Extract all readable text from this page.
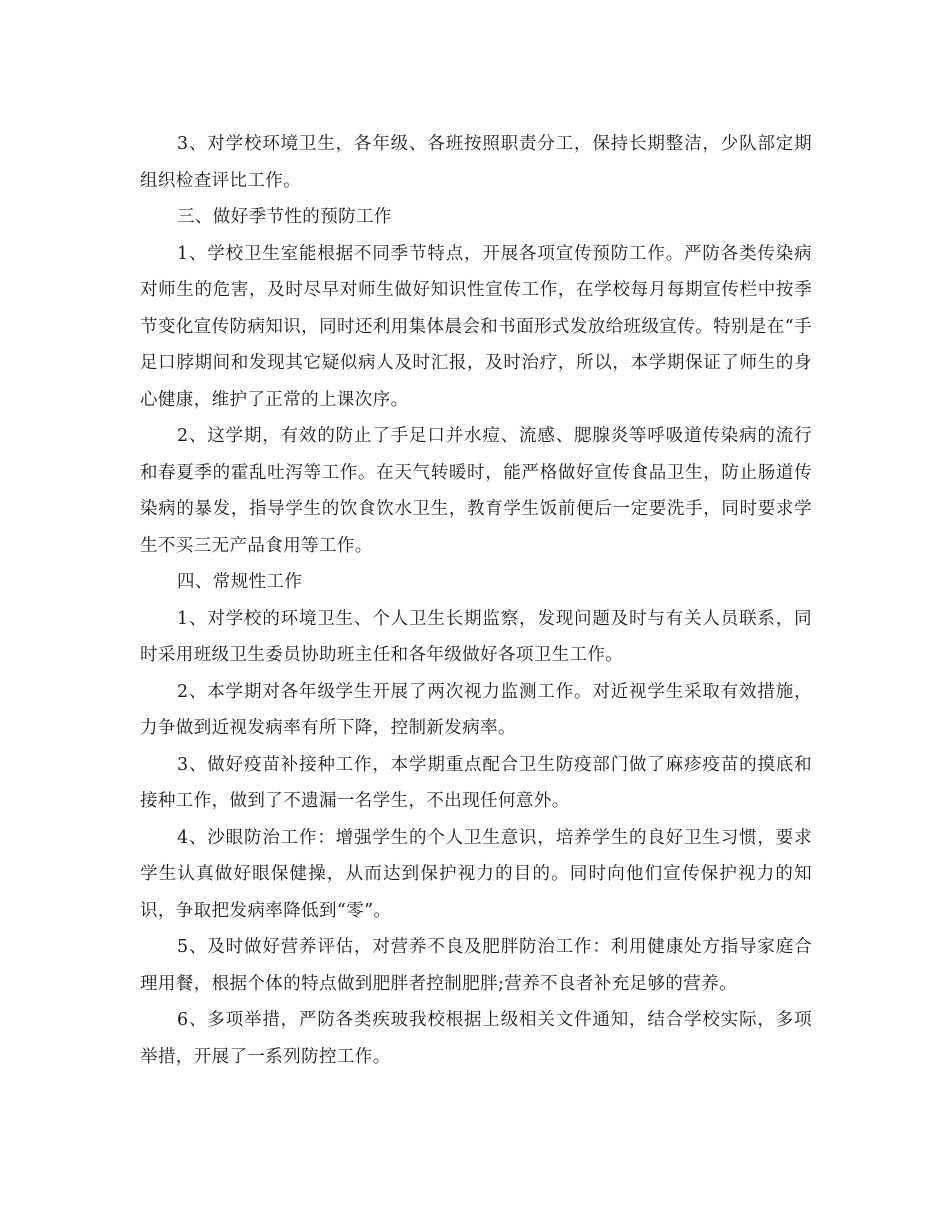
3、对学校环境卫生，各年级、各班按照职责分工，保持长期整洁，少队部定期组织检查评比工作。

三、做好季节性的预防工作

1、学校卫生室能根据不同季节特点，开展各项宣传预防工作。严防各类传染病对师生的危害，及时尽早对师生做好知识性宣传工作，在学校每月每期宣传栏中按季节变化宣传防病知识，同时还利用集体晨会和书面形式发放给班级宣传。特别是在“手足口脖期间和发现其它疑似病人及时汇报，及时治疗，所以，本学期保证了师生的身心健康，维护了正常的上课次序。

2、这学期，有效的防止了手足口并水痘、流感、腮腺炎等呼吸道传染病的流行和春夏季的霍乱吐泻等工作。在天气转暖时，能严格做好宣传食品卫生，防止肠道传染病的暴发，指导学生的饮食饮水卫生，教育学生饭前便后一定要洗手，同时要求学生不买三无产品食用等工作。

四、常规性工作

1、对学校的环境卫生、个人卫生长期监察，发现问题及时与有关人员联系，同时采用班级卫生委员协助班主任和各年级做好各项卫生工作。

2、本学期对各年级学生开展了两次视力监测工作。对近视学生采取有效措施，力争做到近视发病率有所下降，控制新发病率。

3、做好疫苗补接种工作，本学期重点配合卫生防疫部门做了麻疹疫苗的摸底和接种工作，做到了不遗漏一名学生，不出现任何意外。

4、沙眼防治工作：增强学生的个人卫生意识，培养学生的良好卫生习惯，要求学生认真做好眼保健操，从而达到保护视力的目的。同时向他们宣传保护视力的知识，争取把发病率降低到“零”。

5、及时做好营养评估，对营养不良及肥胖防治工作：利用健康处方指导家庭合理用餐，根据个体的特点做到肥胖者控制肥胖;营养不良者补充足够的营养。

6、多项举措，严防各类疾玻我校根据上级相关文件通知，结合学校实际，多项举措，开展了一系列防控工作。
